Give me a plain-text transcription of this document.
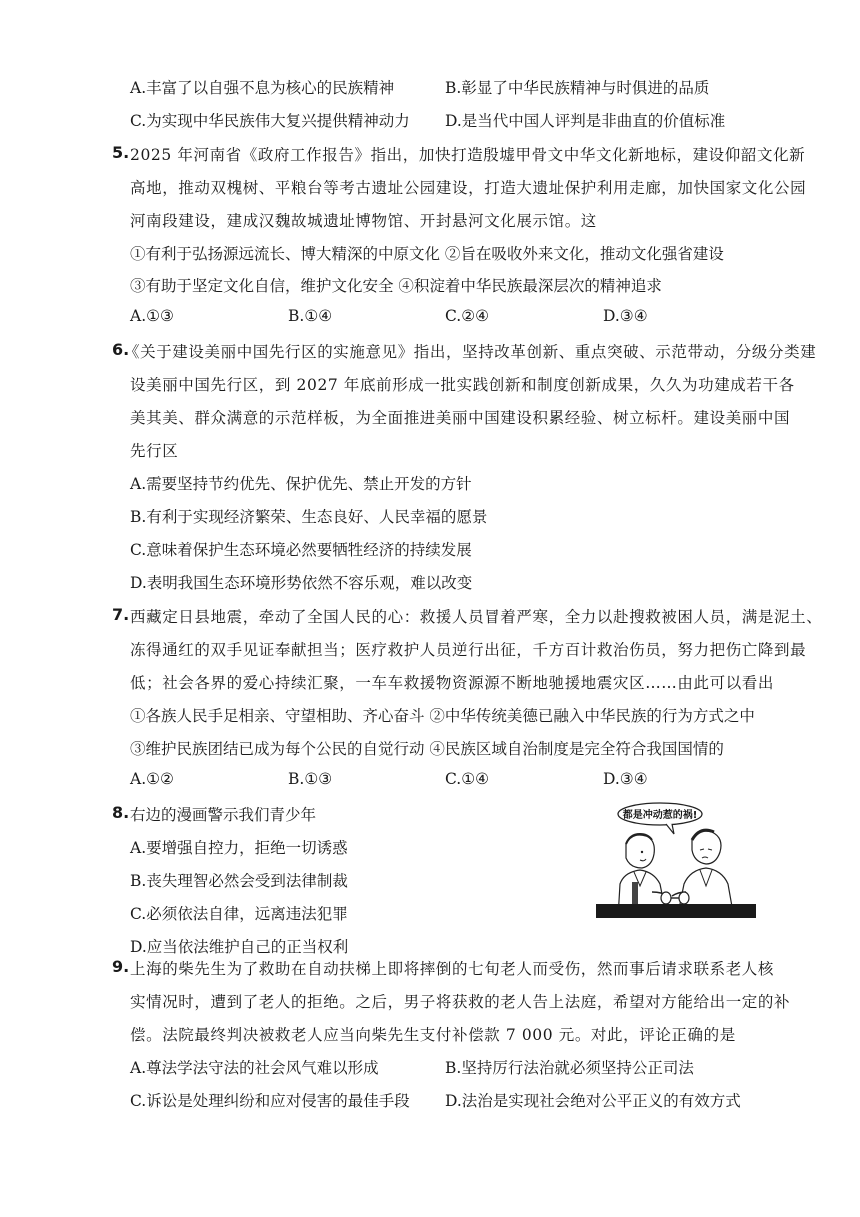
A.丰富了以自强不息为核心的民族精神	B.彰显了中华民族精神与时俱进的品质
C.为实现中华民族伟大复兴提供精神动力 D.是当代中国人评判是非曲直的价值标准
5. 2025 年河南省《政府工作报告》指出，加快打造殷墟甲骨文中华文化新地标，建设仰韶文化新
高地，推动双槐树、平粮台等考古遗址公园建设，打造大遗址保护利用走廊，加快国家文化公园
河南段建设，建成汉魏故城遗址博物馆、开封悬河文化展示馆。这
①有利于弘扬源远流长、博大精深的中原文化 ②旨在吸收外来文化，推动文化强省建设
③有助于坚定文化自信，维护文化安全 ④积淀着中华民族最深层次的精神追求
A.①③	B.①④	C.②④	D.③④
6.
《关于建设美丽中国先行区的实施意见》指出，坚持改革创新、重点突破、示范带动，分级分类建
设美丽中国先行区，到 2027 年底前形成一批实践创新和制度创新成果，久久为功建成若干各
美其美、群众满意的示范样板，为全面推进美丽中国建设积累经验、树立标杆。建设美丽中国
先行区
A.需要坚持节约优先、保护优先、禁止开发的方针
B.有利于实现经济繁荣、生态良好、人民幸福的愿景
C.意味着保护生态环境必然要牺牲经济的持续发展
D.表明我国生态环境形势依然不容乐观，难以改变
7. 西藏定日县地震，牵动了全国人民的心：救援人员冒着严寒，全力以赴搜救被困人员，满是泥土、
冻得通红的双手见证奉献担当；医疗救护人员逆行出征，千方百计救治伤员，努力把伤亡降到最
低；社会各界的爱心持续汇聚，一车车救援物资源源不断地驰援地震灾区……由此可以看出
①各族人民手足相亲、守望相助、齐心奋斗 ②中华传统美德已融入中华民族的行为方式之中
③维护民族团结已成为每个公民的自觉行动 ④民族区域自治制度是完全符合我国国情的
A.①②	B.①③	C.①④	D.③④
8. 右边的漫画警示我们青少年
A.要增强自控力，拒绝一切诱惑
B.丧失理智必然会受到法律制裁
C.必须依法自律，远离违法犯罪
D.应当依法维护自己的正当权利
都是冲动惹的祸!
9. 上海的柴先生为了救助在自动扶梯上即将摔倒的七旬老人而受伤，然而事后请求联系老人核
实情况时，遭到了老人的拒绝。之后，男子将获救的老人告上法庭，希望对方能给出一定的补
偿。法院最终判决被救老人应当向柴先生支付补偿款 7 000 元。对此，评论正确的是
A.尊法学法守法的社会风气难以形成	B.坚持厉行法治就必须坚持公正司法
C.诉讼是处理纠纷和应对侵害的最佳手段 D.法治是实现社会绝对公平正义的有效方式
